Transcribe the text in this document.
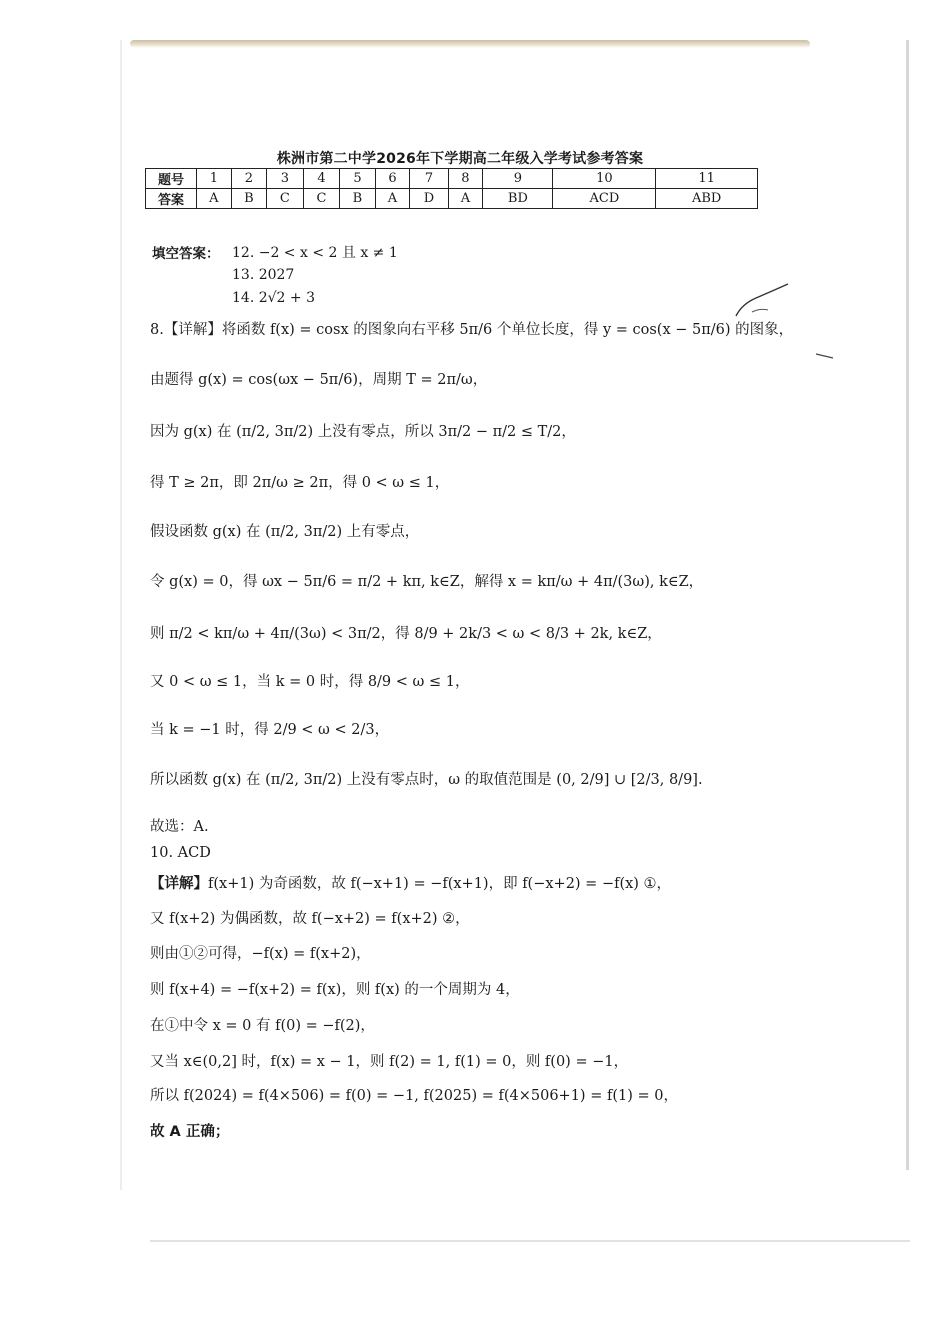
株洲市第二中学2026年下学期高二年级入学考试参考答案
题号	1	2	3	4	5	6	7	8	9	10	11
答案	A	B	C	C	B	A	D	A	BD	ACD	ABD
填空答案： 12. −2 < x < 2 且 x ≠ 1
13. 2027
14. 2√2 + 3
8.【详解】将函数 f(x) = cosx 的图象向右平移 5π/6 个单位长度，得 y = cos(x − 5π/6) 的图象，
由题得 g(x) = cos(ωx − 5π/6)，周期 T = 2π/ω，
因为 g(x) 在 (π/2, 3π/2) 上没有零点，所以 3π/2 − π/2 ≤ T/2，
得 T ≥ 2π，即 2π/ω ≥ 2π，得 0 < ω ≤ 1，
假设函数 g(x) 在 (π/2, 3π/2) 上有零点，
令 g(x) = 0，得 ωx − 5π/6 = π/2 + kπ, k∈Z，解得 x = kπ/ω + 4π/(3ω), k∈Z，
则 π/2 < kπ/ω + 4π/(3ω) < 3π/2，得 8/9 + 2k/3 < ω < 8/3 + 2k, k∈Z，
又 0 < ω ≤ 1，当 k = 0 时，得 8/9 < ω ≤ 1，
当 k = −1 时，得 2/9 < ω < 2/3，
所以函数 g(x) 在 (π/2, 3π/2) 上没有零点时，ω 的取值范围是 (0, 2/9] ∪ [2/3, 8/9].
故选：A.
10. ACD
【详解】f(x+1) 为奇函数，故 f(−x+1) = −f(x+1)，即 f(−x+2) = −f(x) ①，
又 f(x+2) 为偶函数，故 f(−x+2) = f(x+2) ②，
则由①②可得，−f(x) = f(x+2)，
则 f(x+4) = −f(x+2) = f(x)，则 f(x) 的一个周期为 4，
在①中令 x = 0 有 f(0) = −f(2)，
又当 x∈(0,2] 时，f(x) = x − 1，则 f(2) = 1, f(1) = 0，则 f(0) = −1，
所以 f(2024) = f(4×506) = f(0) = −1, f(2025) = f(4×506+1) = f(1) = 0，
故 A 正确；
